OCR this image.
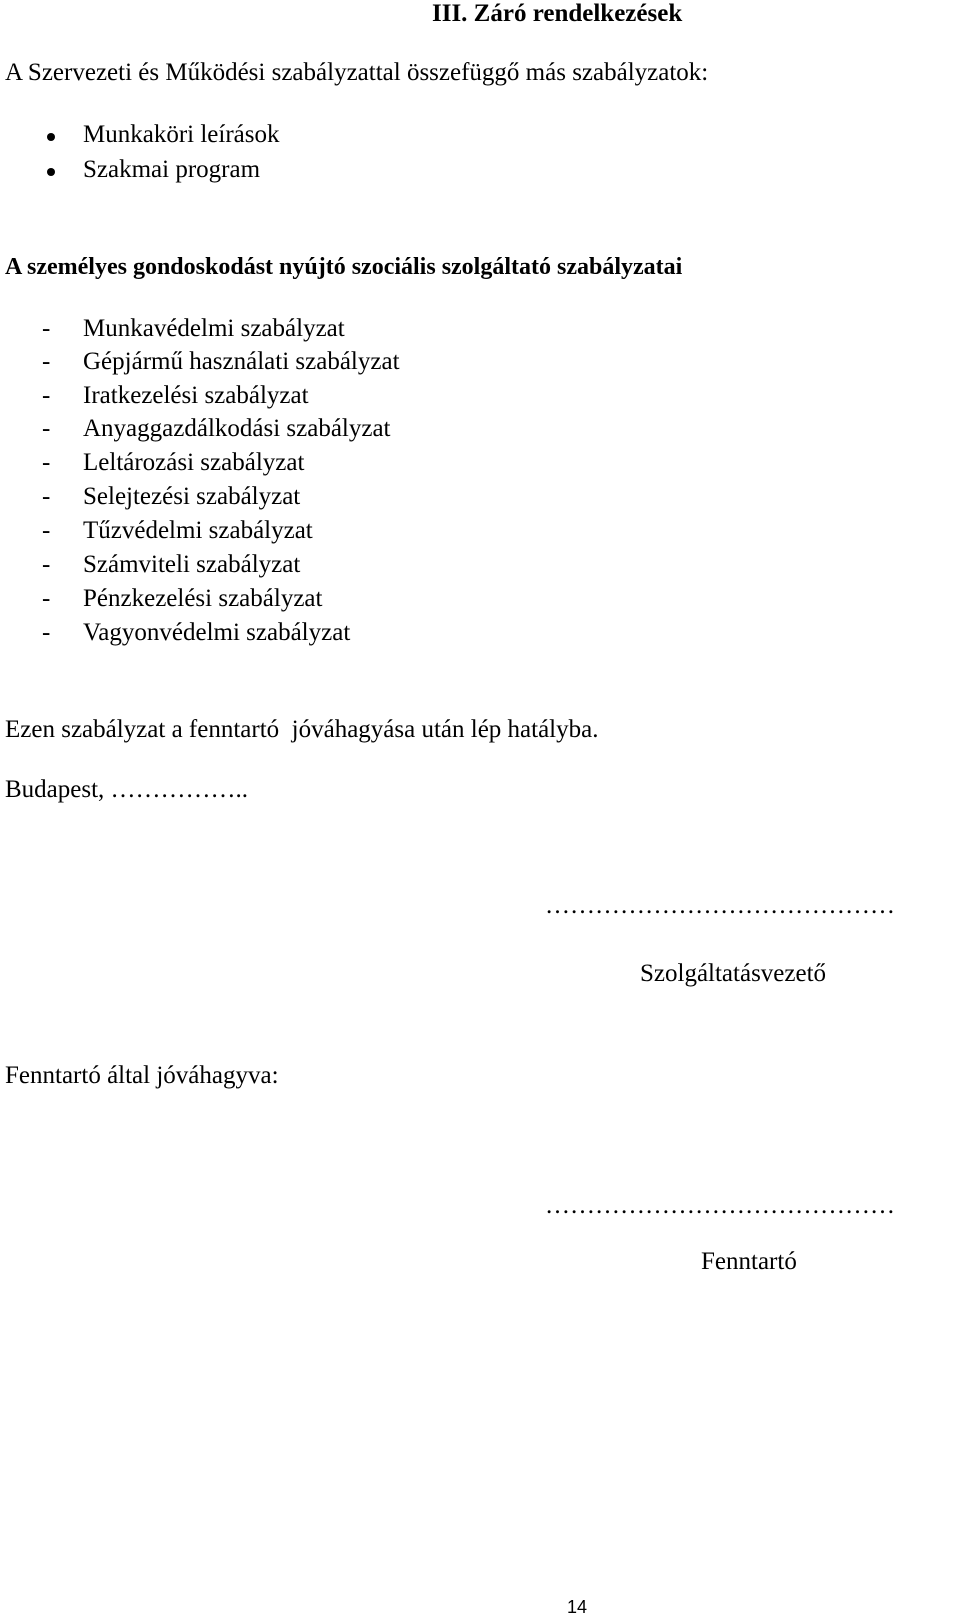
III. Záró rendelkezések
A Szervezeti és Működési szabályzattal összefüggő más szabályzatok:
Munkaköri leírások
Szakmai program
A személyes gondoskodást nyújtó szociális szolgáltató szabályzatai
- Munkavédelmi szabályzat
- Gépjármű használati szabályzat
- Iratkezelési szabályzat
- Anyaggazdálkodási szabályzat
- Leltározási szabályzat
- Selejtezési szabályzat
- Tűzvédelmi szabályzat
- Számviteli szabályzat
- Pénzkezelési szabályzat
- Vagyonvédelmi szabályzat
Ezen szabályzat a fenntartó  jóváhagyása után lép hatályba.
Budapest, ……………..
……………………………………
Szolgáltatásvezető
Fenntartó által jóváhagyva:
……………………………………
Fenntartó
14
